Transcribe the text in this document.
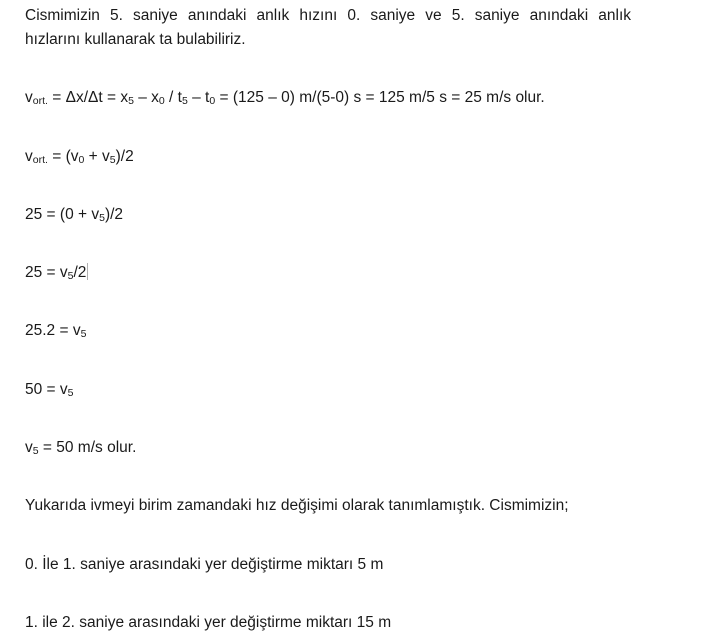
Cismimizin 5. saniye anındaki anlık hızını 0. saniye ve 5. saniye anındaki anlık
hızlarını kullanarak ta bulabiliriz.
$v_{ort.} = \Delta x/\Delta t = x_5 - x_0 / t_5 - t_0 = (125 - 0)$ m/(5-0) s = 125 m/5 s = 25 m/s olur.
$v_{ort.} = (v_0 + v_5)/2$
$25 = (0 + v_5)/2$
$25 = v_5/2$
$25.2 = v_5$
$50 = v_5$
$v_5 = 50$ m/s olur.
Yukarıda ivmeyi birim zamandaki hız değişimi olarak tanımlamıştık. Cismimizin;
0. İle 1. saniye arasındaki yer değiştirme miktarı 5 m
1. ile 2. saniye arasındaki yer değiştirme miktarı 15 m
